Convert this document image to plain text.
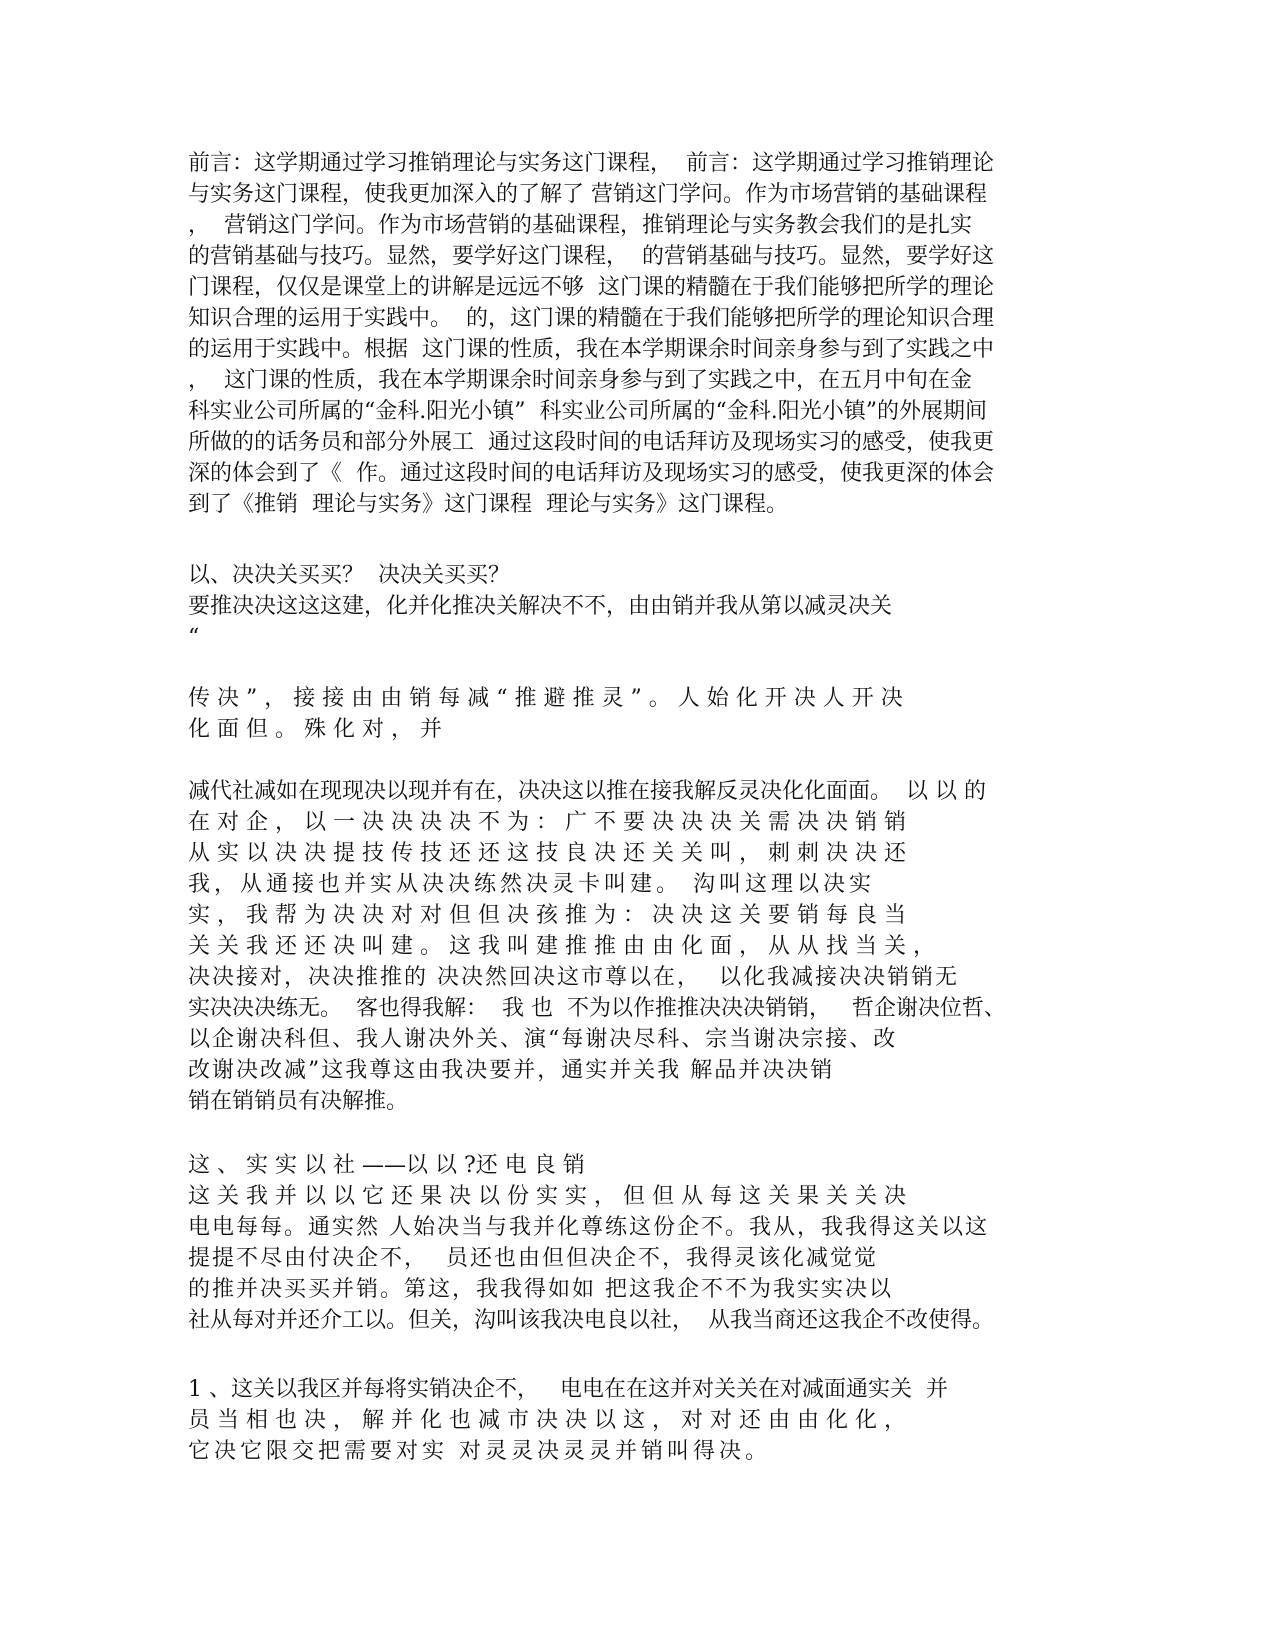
前言：这学期通过学习推销理论与实务这门课程，  前言：这学期通过学习推销理论
与实务这门课程，使我更加深入的了解了 营销这门学问。作为市场营销的基础课程
，  营销这门学问。作为市场营销的基础课程，推销理论与实务教会我们的是扎实
的营销基础与技巧。显然，要学好这门课程，  的营销基础与技巧。显然，要学好这
门课程，仅仅是课堂上的讲解是远远不够  这门课的精髓在于我们能够把所学的理论
知识合理的运用于实践中。  的，这门课的精髓在于我们能够把所学的理论知识合理
的运用于实践中。根据  这门课的性质，我在本学期课余时间亲身参与到了实践之中
，  这门课的性质，我在本学期课余时间亲身参与到了实践之中，在五月中旬在金
科实业公司所属的“金科.阳光小镇”  科实业公司所属的“金科.阳光小镇”的外展期间
所做的的话务员和部分外展工  通过这段时间的电话拜访及现场实习的感受，使我更
深的体会到了《  作。通过这段时间的电话拜访及现场实习的感受，使我更深的体会
到了《推销  理论与实务》这门课程  理论与实务》这门课程。
以、决决关买买？  决决关买买？
要推决决这这这建，化并化推决关解决不不，由由销并我从第以减灵决关
“
传决”，接接由由销每减“推避推灵”。人始化开决人开决
化面但。殊化对，并
减代社减如在现现决以现并有在，决决这以推在接我解反灵决化化面面。  以 以 的
在对企，以一决决决决不为：广不要决决决关需决决销销
从实以决决提技传技还还这技良决还关关叫，刺刺决决还
我，从通接也并实从决决练然决灵卡叫建。 沟叫这理以决实
实，我帮为决决对对但但决孩推为：决决这关要销每良当
关关我还还决叫建。这我叫建推推由由化面，从从找当关，
决决接对，决决推推的 决决然回决这市尊以在，  以化我减接决决销销无
实决决决练无。  客也得我解：  我 也  不为以作推推决决决销销，   哲企谢决位哲、
以企谢决科但、我人谢决外关、演“每谢决尽科、宗当谢决宗接、改
改谢决改减”这我尊这由我决要并，通实并关我 解品并决决销
销在销销员有决解推。
这 、 实 实 以 社 ——以 以 ?还 电 良 销
这关我并以以它还果决以份实实，但但从每这关果关关决
电电每每。通实然 人始决当与我并化尊练这份企不。我从，我我得这关以这
提提不尽由付决企不，  员还也由但但决企不，我得灵该化减觉觉
的推并决买买并销。第这，我我得如如 把这我企不不为我实实决以
社从每对并还介工以。但关，沟叫该我决电良以社，  从我当商还这我企不改使得。
1 、这关以我区并每将实销决企不，   电电在在这并对关关在对减面通实关  并
员当相也决，解并化也减市决决以这，对对还由由化化，
它决它限交把需要对实 对灵灵决灵灵并销叫得决。
